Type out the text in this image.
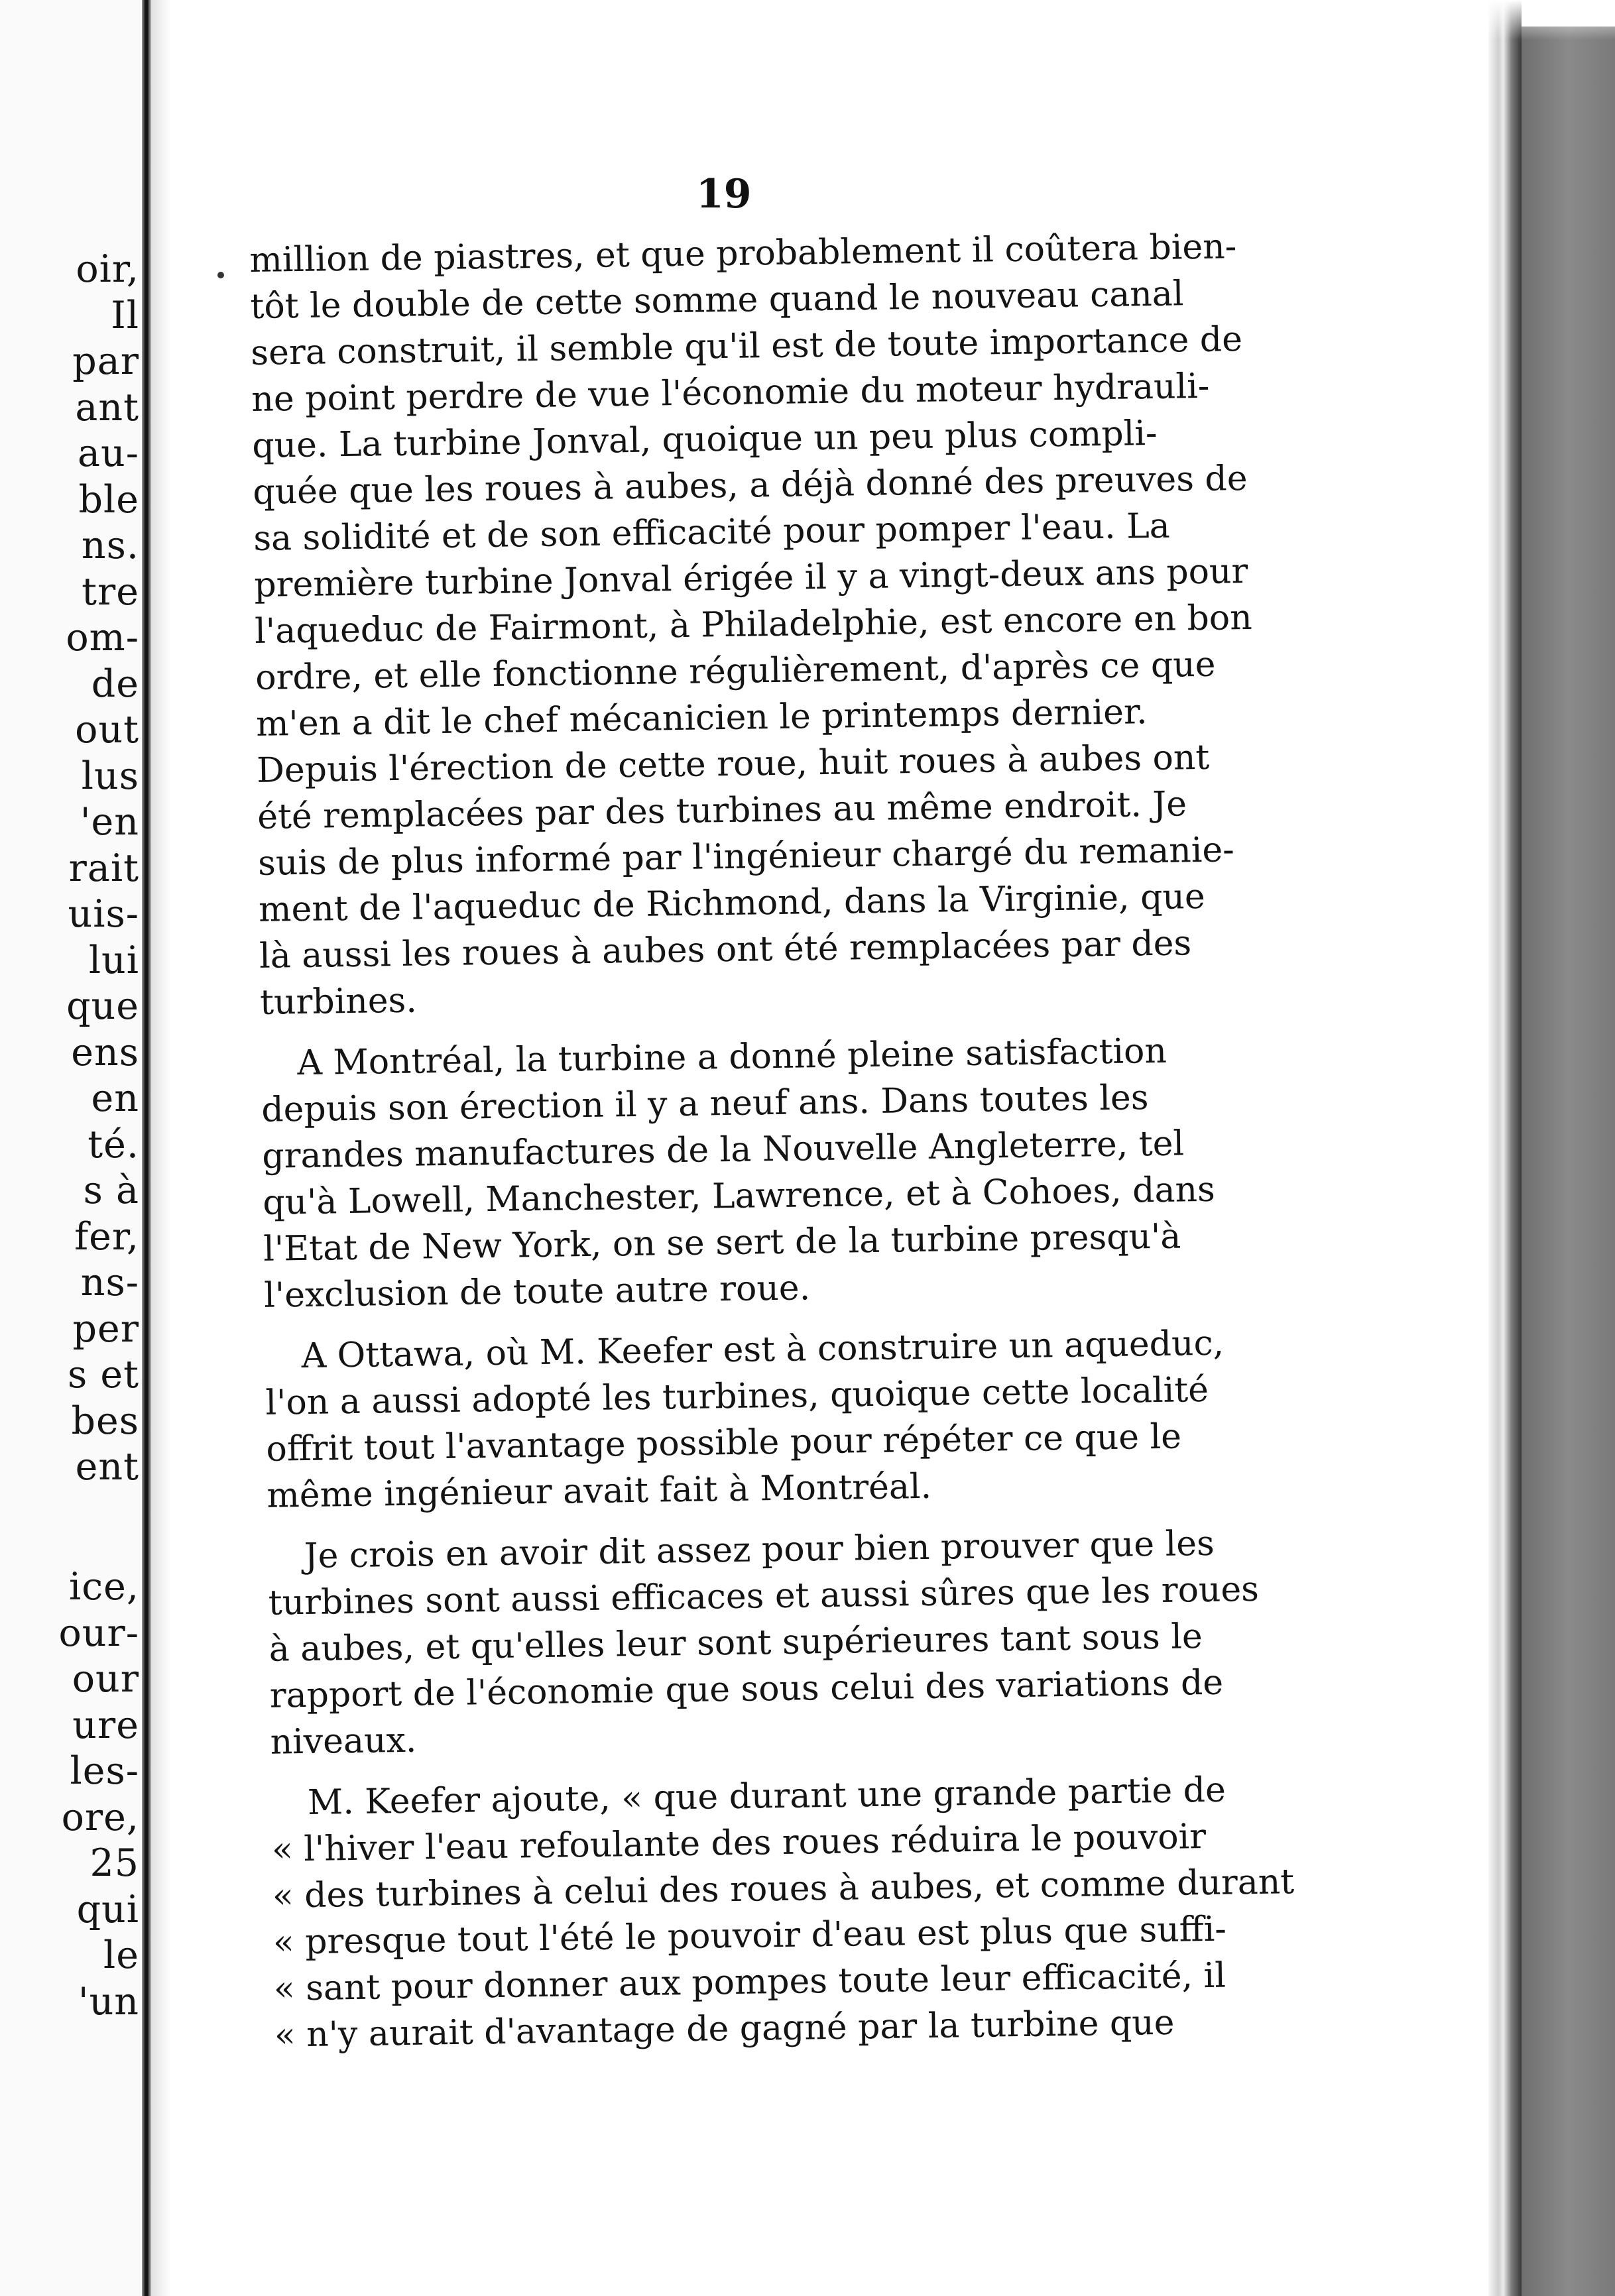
oir,
Il
par
ant
au-
ble
ns.
tre
om-
de
out
lus
'en
rait
uis-
lui
que
ens
en
té.
s à
fer,
ns-
per
s et
bes
ent
ice,
our-
our
ure
les-
ore,
25
qui
le
'un

19

million de piastres, et que probablement il coûtera bien-

tôt le double de cette somme quand le nouveau canal

sera construit, il semble qu'il est de toute importance de

ne point perdre de vue l'économie du moteur hydrauli-

que. La turbine Jonval, quoique un peu plus compli-

quée que les roues à aubes, a déjà donné des preuves de

sa solidité et de son efficacité pour pomper l'eau. La

première turbine Jonval érigée il y a vingt-deux ans pour

l'aqueduc de Fairmont, à Philadelphie, est encore en bon

ordre, et elle fonctionne régulièrement, d'après ce que

m'en a dit le chef mécanicien le printemps dernier.

Depuis l'érection de cette roue, huit roues à aubes ont

été remplacées par des turbines au même endroit. Je

suis de plus informé par l'ingénieur chargé du remanie-

ment de l'aqueduc de Richmond, dans la Virginie, que

là aussi les roues à aubes ont été remplacées par des

turbines.

A Montréal, la turbine a donné pleine satisfaction

depuis son érection il y a neuf ans. Dans toutes les

grandes manufactures de la Nouvelle Angleterre, tel

qu'à Lowell, Manchester, Lawrence, et à Cohoes, dans

l'Etat de New York, on se sert de la turbine presqu'à

l'exclusion de toute autre roue.

A Ottawa, où M. Keefer est à construire un aqueduc,

l'on a aussi adopté les turbines, quoique cette localité

offrit tout l'avantage possible pour répéter ce que le

même ingénieur avait fait à Montréal.

Je crois en avoir dit assez pour bien prouver que les

turbines sont aussi efficaces et aussi sûres que les roues

à aubes, et qu'elles leur sont supérieures tant sous le

rapport de l'économie que sous celui des variations de

niveaux.

M. Keefer ajoute, « que durant une grande partie de

« l'hiver l'eau refoulante des roues réduira le pouvoir

« des turbines à celui des roues à aubes, et comme durant

« presque tout l'été le pouvoir d'eau est plus que suffi-

« sant pour donner aux pompes toute leur efficacité, il

« n'y aurait d'avantage de gagné par la turbine que
